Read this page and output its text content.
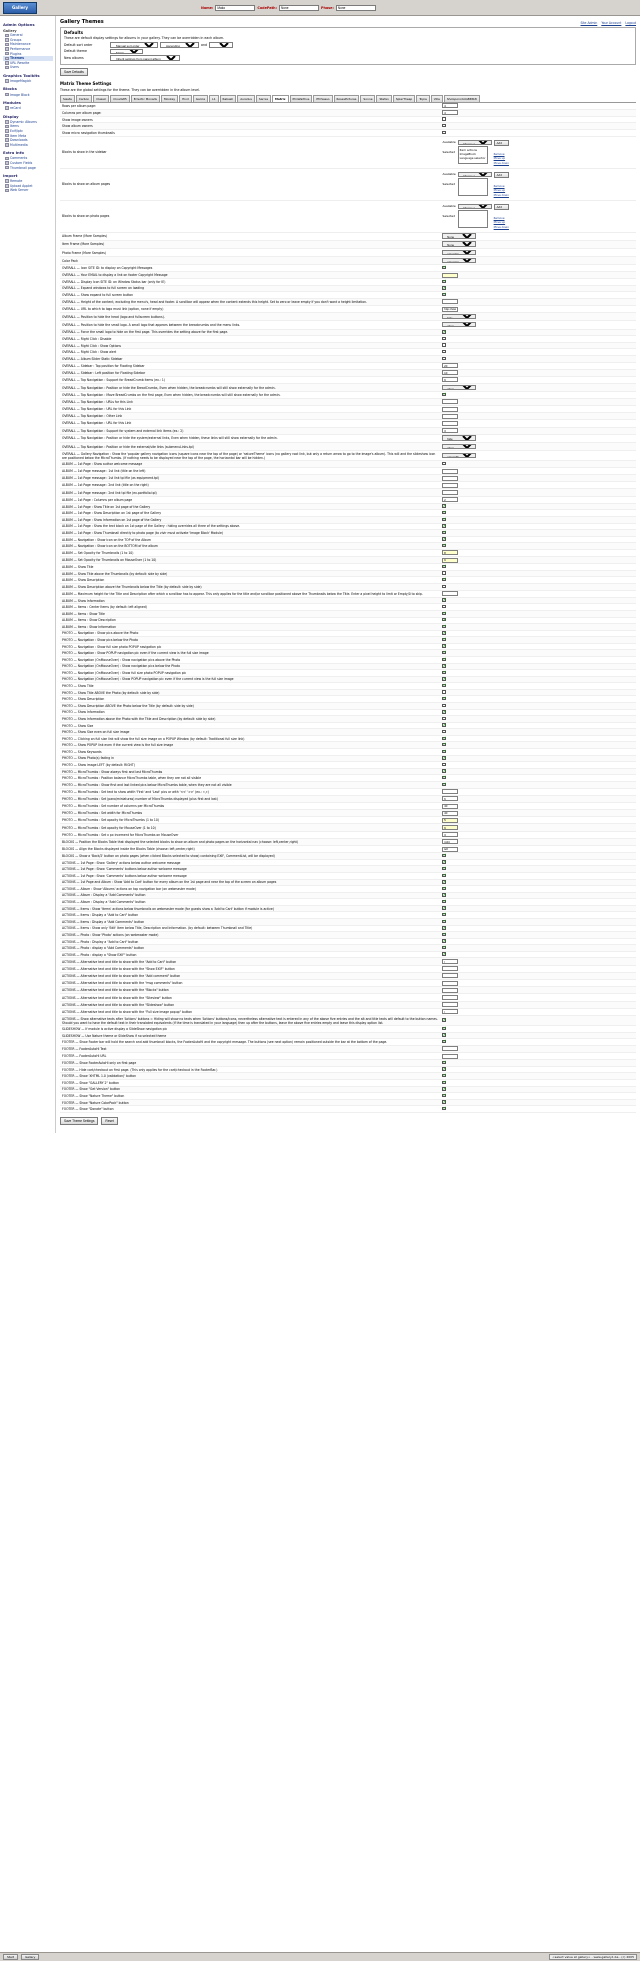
Gallery	Name:
Mako	CodePath:
None	Phase:
None
Admin Options
Gallery
General
Groups
Maintenance
Performance
Plugins
Themes
URL Rewrite
Users
Graphics Toolkits
ImageMagick
Blocks
Image Block
Modules
reCard
Display
Dynamic Albums
Items
Exif/Iptc
Item Meta
Downloads
Multimedia
Extra Info
Comments
Custom Fields
Thumbnail page
Import
Remote
Upload Applet
Web Server
Gallery Themes	Site Admin Your Account Logout
Defaults

These are default display settings for albums in your gallery. They can be overridden in each album.

Default sort order
Manual sort order
Ascending	and
Default theme
Matrix
New albums
Inherit settings from parent album
Save Defaults
Matrix Theme Settings

These are the global settings for the theme. They can be overridden in the album level.

Siesta	Carbon	Classic	Clouds85	Eclectic Monads	Monkey	Hind	Garcia	L1	Rabash	Aurelius	Sarnia	Matrix	Philafaithus	PfriSasso	RosesPictures	Sonne	Stefen	SplerTheap	Topia	Villa	ShoGporodoto888b8
Rows per album page:	4
Columns per album page:	4
Show image owners	
Show album owners	
Show micro navigation thumbnails	
Blocks to show in the sidebar
Available
Selected
Choose a block Item actions
ImageBlock
Language selector
Add
Remove
Move up
Move down
Blocks to show on album pages
Available
Selected
Choose a block
Add
Remove
Move up
Move down
Blocks to show on photo pages
Available
Selected
Choose a block
Add
Remove
Move up
Move down
Album Frame (More Samples)	
None
Item Frame (More Samples)	
None
Photo Frame (More Samples)	
natureFrame
Color Pack	
natureGreenCustGreen
OVERALL — Icon SITE ID: to display on Copyright Messages	✔
OVERALL — Your EMAIL to display a link on footer Copyright Message	
OVERALL — Display Icon SITE ID: on Window Status bar (only for IE)	✔
OVERALL — Expand windows to full screen on loading	✔
OVERALL — Show expand to full screen button	✔
OVERALL — Height of the content, excluding the menu's, head and footer. A scrollbar will appear when the content extends this height. Set to zero or leave empty if you don't want a height limitation.	
OVERALL — URL to which to logo must link (option, none if empty)	http://www.
OVERALL — Position to hide the head (logo and fullscreen buttons).	
hide
OVERALL — Position to hide the small logo. A small logo that appears between the breadcrumbs and the menu links.	
when
OVERALL — Force the small logo to hide on the first page. This overrides the setting above for the first page.	✔
OVERALL — Right Click : Disable	
OVERALL — Right Click : Show Options	
OVERALL — Right Click : Show alert	
OVERALL — Album Slider Static Sidebar	
OVERALL — Sidebar : Top position for Floating Sidebar	20
OVERALL — Sidebar : Left position for Floating Sidebar	10
OVERALL — Top Navigation : Support for BreadCrumb items (ex.: 1)	9
OVERALL — Top Navigation : Position or hide the BreadCrumbs, Even when hidden, the breadcrumbs will still show externally for the admin.	
when
OVERALL — Top Navigation : Move BreadCrumbs on the first page, Even when hidden, the breadcrumbs will still show externally for the admin.	✔
OVERALL — Top Navigation : URLs for this Link	
OVERALL — Top Navigation : URL for this Link	
OVERALL — Top Navigation : Other Link	
OVERALL — Top Navigation : URL for this Link	
OVERALL — Top Navigation : Support for system and external link items (ex.: 2)	3
OVERALL — Top Navigation : Position or hide the system/external links, Even when hidden, these links will still show externally for the admin.	
hide
OVERALL — Top Navigation : Position or hide the external/site links (submenuLinks.tpl)	
when
OVERALL — Gallery Navigation : Show the 'popular gallery navigation icons (square icons near the top of the page) or 'natureTheme' icons (no gallery root link, but only a return arrow to go to the image's album). This will and the slideshow icon are positioned below the MicroThumbs. (If nothing needs to be displayed near the top of the page, the horizontal bar will be hidden.)	
natureTheme
ALBUM — 1st Page : Show author welcome message	
ALBUM — 1st Page message : 1st link (title on the left)	
ALBUM — 1st Page message : 1st link tpl file (as equipment.tpl)	
ALBUM — 1st Page message : 2nd link (title on the right)	
ALBUM — 1st Page message : 2nd link tpl file (ex.portfolio.tpl)	
ALBUM — 1st Page : Columns per album page	2
ALBUM — 1st Page : Show Title on 1st page of the Gallery	✔
ALBUM — 1st Page : Show Description on 1st page of the Gallery	✔
ALBUM — 1st Page : Show Information on 1st page of the Gallery	✔
ALBUM — 1st Page : Show the text block on 1st page of the Gallery : hiding overrides all three of the settings above.	✔
ALBUM — 1st Page : Show Thumbnail directly to photo page (to vivir must activate 'Image Block' Module)	✔
ALBUM — Navigation : Show icon on the TOP of the Album	✔
ALBUM — Navigation : Show icon on the BOTTOM of the album	✔
ALBUM — Set Opacity for Thumbnails (1 to 10)	8
ALBUM — Set Opacity for Thumbnails on MouseOver (1 to 10)	9
ALBUM — Show Title	✔
ALBUM — Show Title above the Thumbnails (by default: side by side)	
ALBUM — Show Description	✔
ALBUM — Show Description above the Thumbnails below the Title (by default: side by side)	
ALBUM — Maximum height for the Title and Description after which a scrollbar has to appear. This only applies for the title and/or scrollbar positioned above the Thumbnails below the Title. Enter a pixel height to limit or Empty/0 to skip.	
ALBUM — Show Information	✔
ALBUM — Items : Center Items (by default: left aligned)	
ALBUM — Items : Show Title	✔
ALBUM — Items : Show Description	✔
ALBUM — Items : Show Information	✔
PHOTO — Navigation : Show pics above the Photo	✔
PHOTO — Navigation : Show pics below the Photo	✔
PHOTO — Navigation : Show full size photo POPUP navigation pic	✔
PHOTO — Navigation : Show POPUP navigation pic even if the current view is the full size image	✔
PHOTO — Navigation (OnMouseOver) : Show navigation pics above the Photo	✔
PHOTO — Navigation (OnMouseOver) : Show navigation pics below the Photo	✔
PHOTO — Navigation (OnMouseOver) : Show full size photo POPUP navigation pic	✔
PHOTO — Navigation (OnMouseOver) : Show POPUP navigation pic even if the current view is the full size image	✔
PHOTO — Show Title	✔
PHOTO — Show Title ABOVE the Photo (by default: side by side)	
PHOTO — Show Description	✔
PHOTO — Show Description ABOVE the Photo below the Title (by default: side by side)	
PHOTO — Show Information	✔
PHOTO — Show Information above the Photo with the Title and Description (by default: side by side)	
PHOTO — Show Size	✔
PHOTO — Show Size even on full size image	
PHOTO — Clicking on full size link will show the full size image on a POPUP Window (by default: Traditional full size link)	✔
PHOTO — Show POPUP link even if the current view is the full size image	✔
PHOTO — Show Keywords	✔
PHOTO — Show Photo(s) fading in	✔
PHOTO — Show image LEFT (by default: RIGHT)	
PHOTO — MicroThumbs : Show always first and last MicroThumbs	✔
PHOTO — MicroThumbs : Position balance MicroThumbs table, when they are not all visible	✔
PHOTO — MicroThumbs : Show first and last linked pics below MicroThumbs table, when they are not all visible	✔
PHOTO — MicroThumbs : Set text to show width 'First' and 'Last' pics or with '<<' '>>' (ex.: «,»)	
PHOTO — MicroThumbs : Set (pano/miniaturas) number of MicroThumbs displayed (plus first and last)	6
PHOTO — MicroThumbs : Set number of columns per MicroThumbs	40
PHOTO — MicroThumbs : Set width for MicroThumbs	40
PHOTO — MicroThumbs : Set opacity for MicroThumbs (1 to 10)	5
PHOTO — MicroThumbs : Set opacity for MouseOver (1 to 10)	9
PHOTO — MicroThumbs : Set x px incement for MicroThumbs on MouseOver	3
BLOCKS — Position the Blocks Table that displayed the selected blocks to show on album and photo pages on the horizontal nav (choose: left,center,right)	right
BLOCKS — Align the Blocks displayed inside the Blocks Table (choose: left,center,right)	left
BLOCKS — Show a 'Back/2' button on photo pages (when clicked Blocks selected to show) containing EXIF, CommentList, will be displayed)	✔
ACTIONS — 1st Page : Show 'Gallery' actions below author welcome message	✔
ACTIONS — 1st Page : Show 'Comments' buttons below author welcome message	✔
ACTIONS — 1st Page : Show 'Comments' buttons below author welcome message	✔
ACTIONS — 1st Page and Album : Show 'Add to Cart' button for every album on the 1st page and near the top of the screen on album pages	✔
ACTIONS — Album : Show 'Albums' actions on top navigation bar (on webmaster mode)	✔
ACTIONS — Album : Display a "Add Comments" button	✔
ACTIONS — Album : Display a "Add Comments" button	✔
ACTIONS — Items : Show 'Items' actions below thumbnails on webmaster mode (for guests show a 'Add to Cart' button if module is active)	✔
ACTIONS — Items : Display a "Add to Cart" button	✔
ACTIONS — Items : Display a "Add Comments" button	✔
ACTIONS — Items : Show only 'Edit' Item below Title, Description and Information. (by default: between Thumbnail and Title)	✔
ACTIONS — Photo : Show 'Photo' actions (on webmaster mode)	✔
ACTIONS — Photo : Display a "Add to Cart" button	✔
ACTIONS — Photo : display a "Add Comments" button	✔
ACTIONS — Photo : display a "Show EXIF" button	✔
ACTIONS — Alternative text and title to show with the "Add to Cart" button	/
ACTIONS — Alternative text and title to show with the "Show EXIF" button	
ACTIONS — Alternative text and title to show with the "Add comment" button	
ACTIONS — Alternative text and title to show with the "msg comments" button	
ACTIONS — Alternative text and title to show with the "Blocks" button	
ACTIONS — Alternative text and title to show with the "Siteview" button	
ACTIONS — Alternative text and title to show with the "Slideshow" button	
ACTIONS — Alternative text and title to show with the "Full size image popup" button	/
ACTIONS — Show alternative texts after 'Actions' buttons = Hiding will show no texts when 'Actions' buttons/icons, nevertheless alternative text is entered in any of the above five entries and the alt and title texts will default to the button names. Should you want to have the default text in their translated equivalents (if the time is translated in your language) then up after the buttons, leave the above five entries empty and leave this display option list.	✔
SLIDESHOW — If module is active display a SlideShow navigation pic	✔
SLIDESHOW — Use Nature theme or SlideShow if no selected theme	✔
FOOTER — Show Footer bar will hold the search and add thumbnail blocks, the FooterAutoHi and the copyright message. The buttons (see next option) remain positioned outside the bar at the bottom of the page.	✔
FOOTER — FooterAutoHi Text	
FOOTER — FooterAutoHi URL	
FOOTER — Show FooterAutoHi only on first page	✔
FOOTER — Hide cart/checkout on first page. (This only applies for the cart/checkout in the FooterBar.)	✔
FOOTER — Show 'XHTML 1.0 (validation)' button	✔
FOOTER — Show "GALLERY 2" button	✔
FOOTER — Show "Get Version" button	✔
FOOTER — Show "Nature Theme" button	✔
FOOTER — Show "Nature ColorPack" button	✔
FOOTER — Show "Donate" button	✔
Save Theme Settings	Reset
Start	Gallery	<select value at gallery> - www.gallery1.ba - (c) 2005
